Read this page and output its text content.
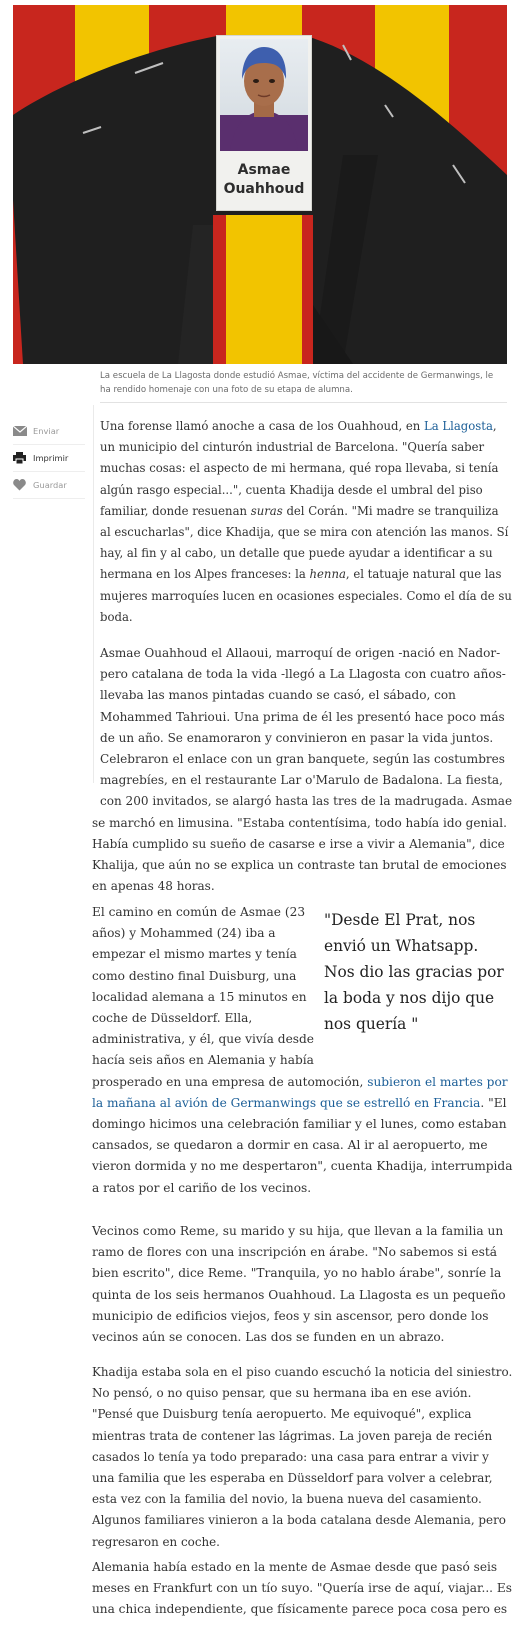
Asmae
Ouahhoud
La escuela de La Llagosta donde estudió Asmae, víctima del accidente de Germanwings, le ha rendido homenaje con una foto de su etapa de alumna.
Enviar
Imprimir
Guardar
Una forense llamó anoche a casa de los Ouahhoud, en La Llagosta,
un municipio del cinturón industrial de Barcelona. "Quería saber
muchas cosas: el aspecto de mi hermana, qué ropa llevaba, si tenía
algún rasgo especial...", cuenta Khadija desde el umbral del piso
familiar, donde resuenan suras del Corán. "Mi madre se tranquiliza
al escucharlas", dice Khadija, que se mira con atención las manos. Sí
hay, al fin y al cabo, un detalle que puede ayudar a identificar a su
hermana en los Alpes franceses: la henna, el tatuaje natural que las
mujeres marroquíes lucen en ocasiones especiales. Como el día de su
boda.
Asmae Ouahhoud el Allaoui, marroquí de origen -nació en Nador-
pero catalana de toda la vida -llegó a La Llagosta con cuatro años-
llevaba las manos pintadas cuando se casó, el sábado, con
Mohammed Tahrioui. Una prima de él les presentó hace poco más
de un año. Se enamoraron y convinieron en pasar la vida juntos.
Celebraron el enlace con un gran banquete, según las costumbres
magrebíes, en el restaurante Lar o'Marulo de Badalona. La fiesta,
con 200 invitados, se alargó hasta las tres de la madrugada. Asmae
se marchó en limusina. "Estaba contentísima, todo había ido genial.
Había cumplido su sueño de casarse e irse a vivir a Alemania", dice
Khalija, que aún no se explica un contraste tan brutal de emociones
en apenas 48 horas.
El camino en común de Asmae (23
años) y Mohammed (24) iba a
empezar el mismo martes y tenía
como destino final Duisburg, una
localidad alemana a 15 minutos en
coche de Düsseldorf. Ella,
administrativa, y él, que vivía desde
hacía seis años en Alemania y había
prosperado en una empresa de automoción, subieron el martes por
la mañana al avión de Germanwings que se estrelló en Francia. "El
domingo hicimos una celebración familiar y el lunes, como estaban
cansados, se quedaron a dormir en casa. Al ir al aeropuerto, me
vieron dormida y no me despertaron", cuenta Khadija, interrumpida
a ratos por el cariño de los vecinos.
"Desde El Prat, nos
envió un Whatsapp.
Nos dio las gracias por
la boda y nos dijo que
nos quería "
Vecinos como Reme, su marido y su hija, que llevan a la familia un
ramo de flores con una inscripción en árabe. "No sabemos si está
bien escrito", dice Reme. "Tranquila, yo no hablo árabe", sonríe la
quinta de los seis hermanos Ouahhoud. La Llagosta es un pequeño
municipio de edificios viejos, feos y sin ascensor, pero donde los
vecinos aún se conocen. Las dos se funden en un abrazo.
Khadija estaba sola en el piso cuando escuchó la noticia del siniestro.
No pensó, o no quiso pensar, que su hermana iba en ese avión.
"Pensé que Duisburg tenía aeropuerto. Me equivoqué", explica
mientras trata de contener las lágrimas. La joven pareja de recién
casados lo tenía ya todo preparado: una casa para entrar a vivir y
una familia que les esperaba en Düsseldorf para volver a celebrar,
esta vez con la familia del novio, la buena nueva del casamiento.
Algunos familiares vinieron a la boda catalana desde Alemania, pero
regresaron en coche.
Alemania había estado en la mente de Asmae desde que pasó seis
meses en Frankfurt con un tío suyo. "Quería irse de aquí, viajar... Es
una chica independiente, que físicamente parece poca cosa pero es
